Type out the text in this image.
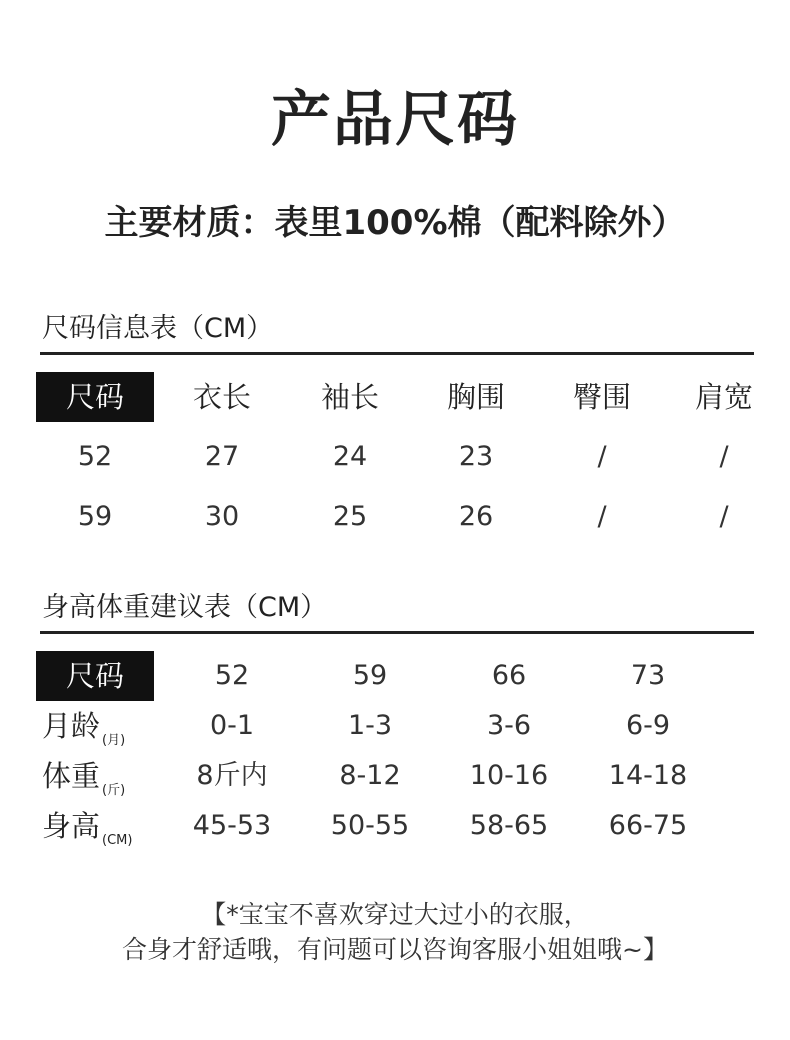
产品尺码
主要材质：表里100%棉（配料除外）
尺码信息表（CM）
尺码	衣长	袖长	胸围	臀围	肩宽
52	27	24	23	/	/
59	30	25	26	/	/
身高体重建议表（CM）
尺码	52	59	66	73
月龄 $_{(月)}$	0-1	1-3	3-6	6-9
体重 $_{(斤)}$	8斤内	8-12	10-16	14-18
身高 $_{(CM)}$	45-53	50-55	58-65	66-75
【*宝宝不喜欢穿过大过小的衣服，
合身才舒适哦，有问题可以咨询客服小姐姐哦~】
